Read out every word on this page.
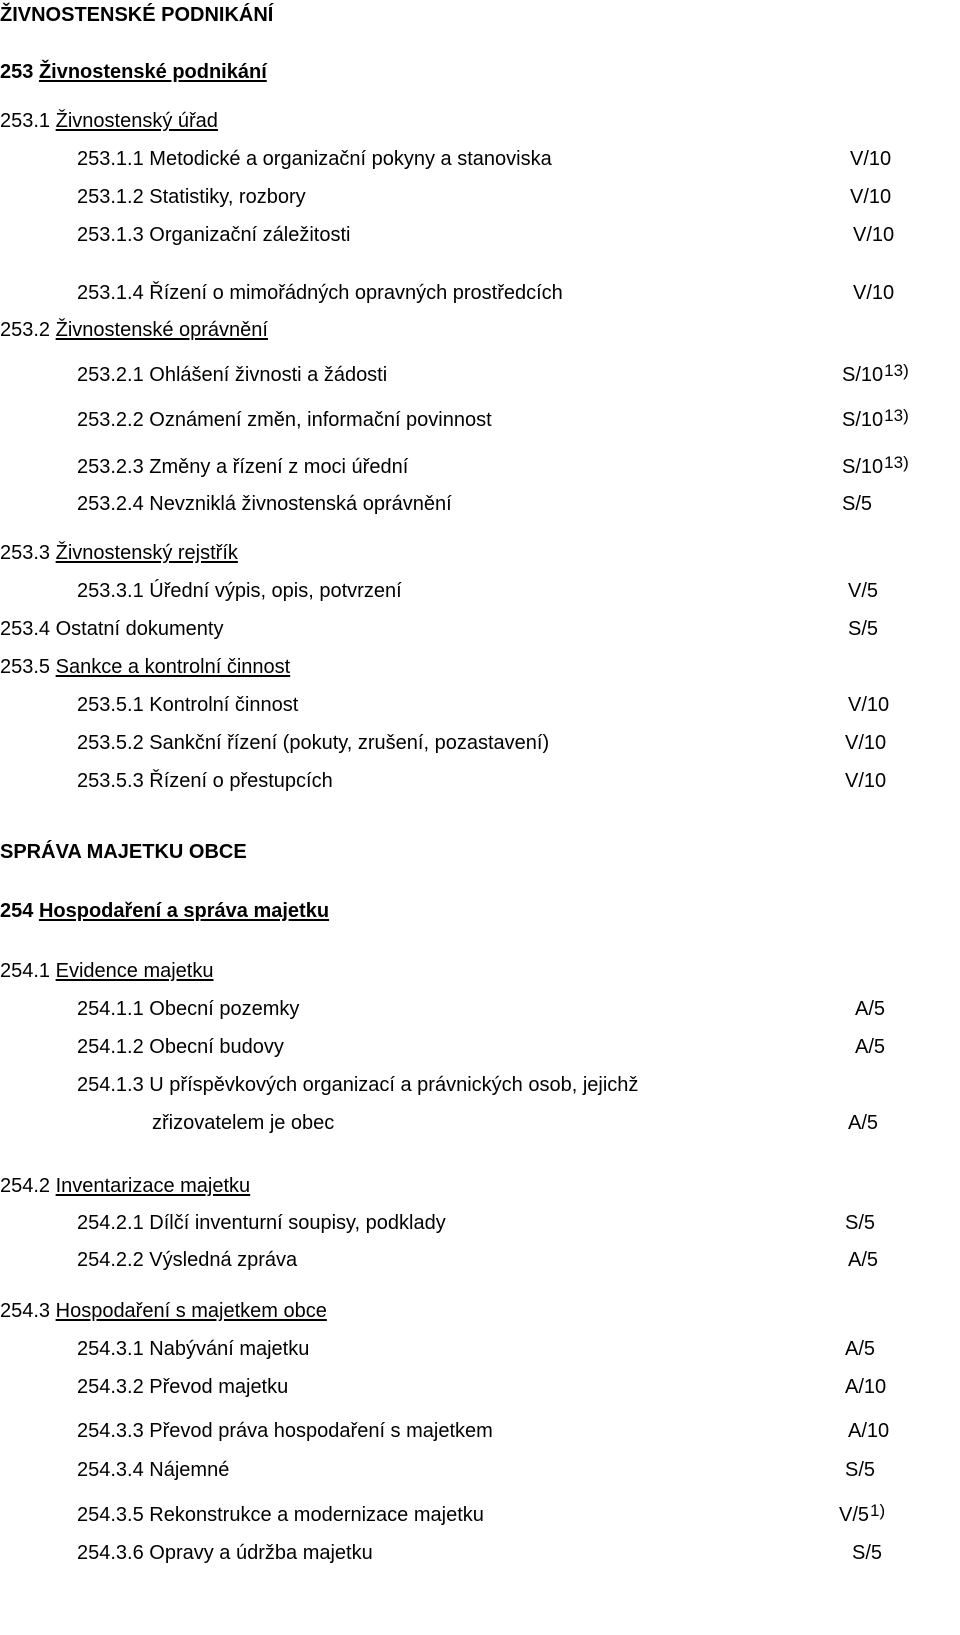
ŽIVNOSTENSKÉ PODNIKÁNÍ
253 Živnostenské podnikání
253.1 Živnostenský úřad
253.1.1 Metodické a organizační pokyny a stanoviska	V/10
253.1.2 Statistiky, rozbory	V/10
253.1.3 Organizační záležitosti	V/10
253.1.4 Řízení o mimořádných opravných prostředcích	V/10
253.2 Živnostenské oprávnění
253.2.1 Ohlášení živnosti a žádosti	S/10$^{13)}$
253.2.2 Oznámení změn, informační povinnost	S/10$^{13)}$
253.2.3 Změny a řízení z moci úřední	S/10$^{13)}$
253.2.4 Nevzniklá živnostenská oprávnění	S/5
253.3 Živnostenský rejstřík
253.3.1 Úřední výpis, opis, potvrzení	V/5
253.4 Ostatní dokumenty	S/5
253.5 Sankce a kontrolní činnost
253.5.1 Kontrolní činnost	V/10
253.5.2 Sankční řízení (pokuty, zrušení, pozastavení)	V/10
253.5.3 Řízení o přestupcích	V/10
SPRÁVA MAJETKU OBCE
254 Hospodaření a správa majetku
254.1 Evidence majetku
254.1.1 Obecní pozemky	A/5
254.1.2 Obecní budovy	A/5
254.1.3 U příspěvkových organizací a právnických osob, jejichž
zřizovatelem je obec	A/5
254.2 Inventarizace majetku
254.2.1 Dílčí inventurní soupisy, podklady	S/5
254.2.2 Výsledná zpráva	A/5
254.3 Hospodaření s majetkem obce
254.3.1 Nabývání majetku	A/5
254.3.2 Převod majetku	A/10
254.3.3 Převod práva hospodaření s majetkem	A/10
254.3.4 Nájemné	S/5
254.3.5 Rekonstrukce a modernizace majetku	V/5$^{1)}$
254.3.6 Opravy a údržba majetku	S/5
